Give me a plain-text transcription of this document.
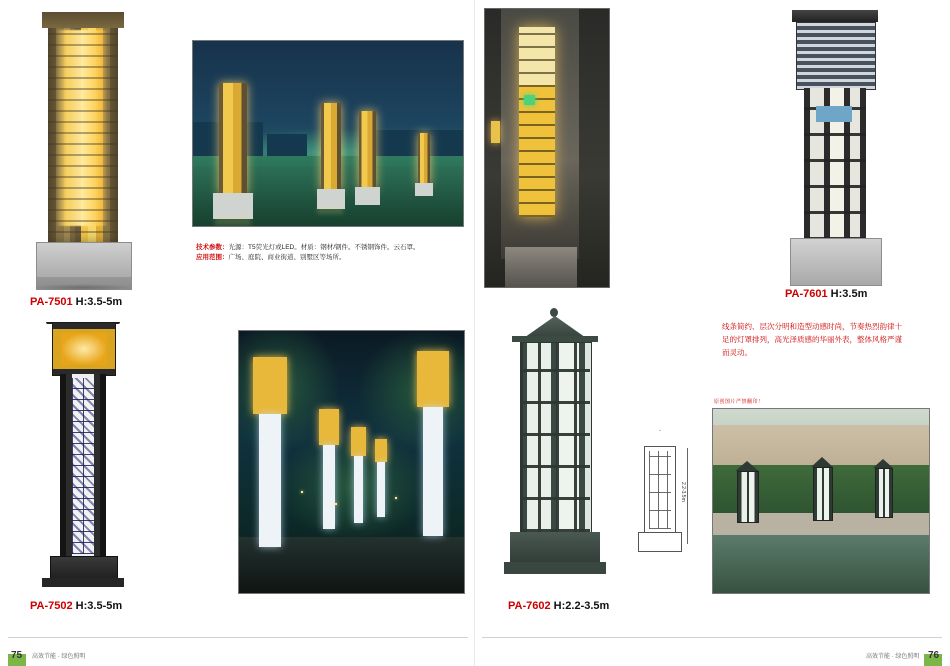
PA-7501 H:3.5-5m
技术参数：光源：T5荧光灯或LED。材质：钢材/钢件。不锈钢饰件。云石罩。
应用范围：广场、庭院、商业街道、别墅区等场所。
PA-7502 H:3.5-5m
PA-7601 H:3.5m
线条简约、层次分明和造型动感时尚，节奏热烈韵律十足的灯罩排列，高光泽质感的华丽外表，整体风格严谨而灵动。
PA-7602 H:2.2-3.5m
2.2-3.5m
原创图片严禁翻印！
75	76
高效节能 · 绿色照明	高效节能 · 绿色照明
